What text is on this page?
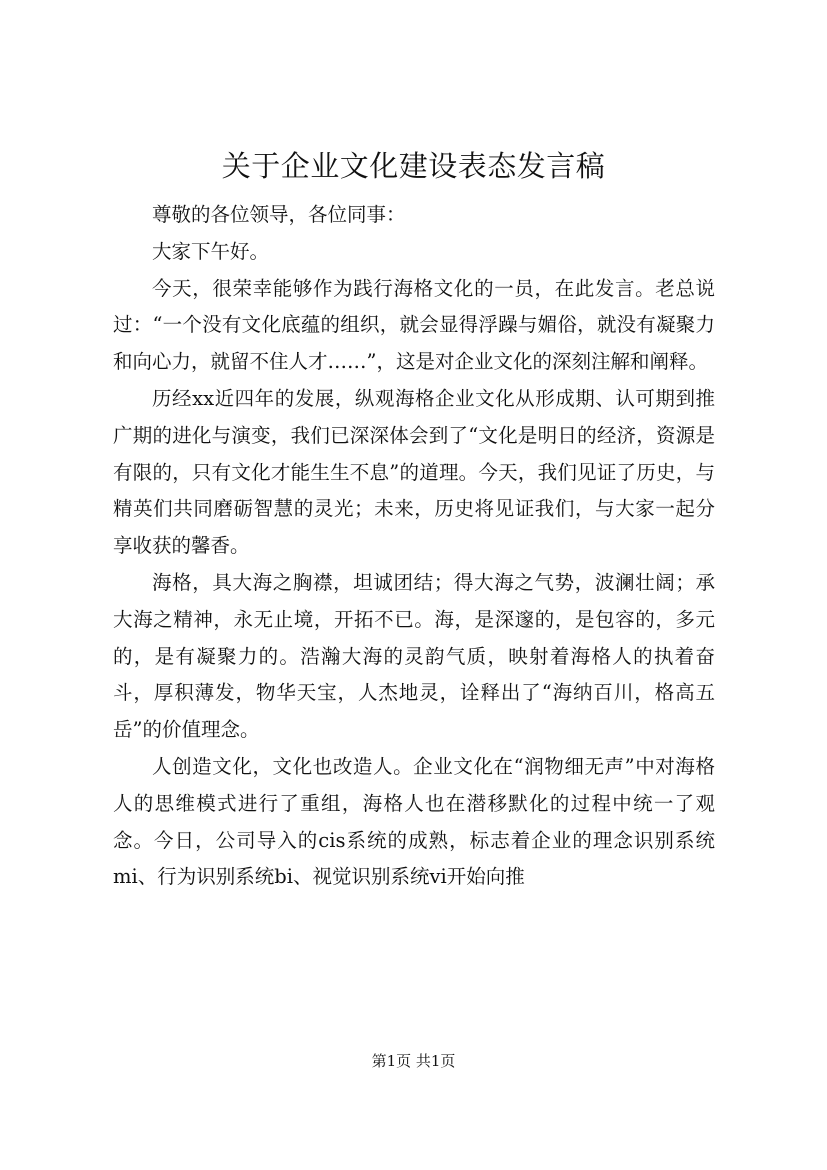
关于企业文化建设表态发言稿

尊敬的各位领导，各位同事：

大家下午好。

今天，很荣幸能够作为践行海格文化的一员，在此发言。老总说过：“一个没有文化底蕴的组织，就会显得浮躁与媚俗，就没有凝聚力和向心力，就留不住人才……”，这是对企业文化的深刻注解和阐释。

历经xx近四年的发展，纵观海格企业文化从形成期、认可期到推广期的进化与演变，我们已深深体会到了“文化是明日的经济，资源是有限的，只有文化才能生生不息”的道理。今天，我们见证了历史，与精英们共同磨砺智慧的灵光；未来，历史将见证我们，与大家一起分享收获的馨香。

海格，具大海之胸襟，坦诚团结；得大海之气势，波澜壮阔；承大海之精神，永无止境，开拓不已。海，是深邃的，是包容的，多元的，是有凝聚力的。浩瀚大海的灵韵气质，映射着海格人的执着奋斗，厚积薄发，物华天宝，人杰地灵，诠释出了“海纳百川，格高五岳”的价值理念。

人创造文化，文化也改造人。企业文化在“润物细无声”中对海格人的思维模式进行了重组，海格人也在潜移默化的过程中统一了观念。今日，公司导入的cis系统的成熟，标志着企业的理念识别系统mi、行为识别系统bi、视觉识别系统vi开始向推

第1页 共1页
